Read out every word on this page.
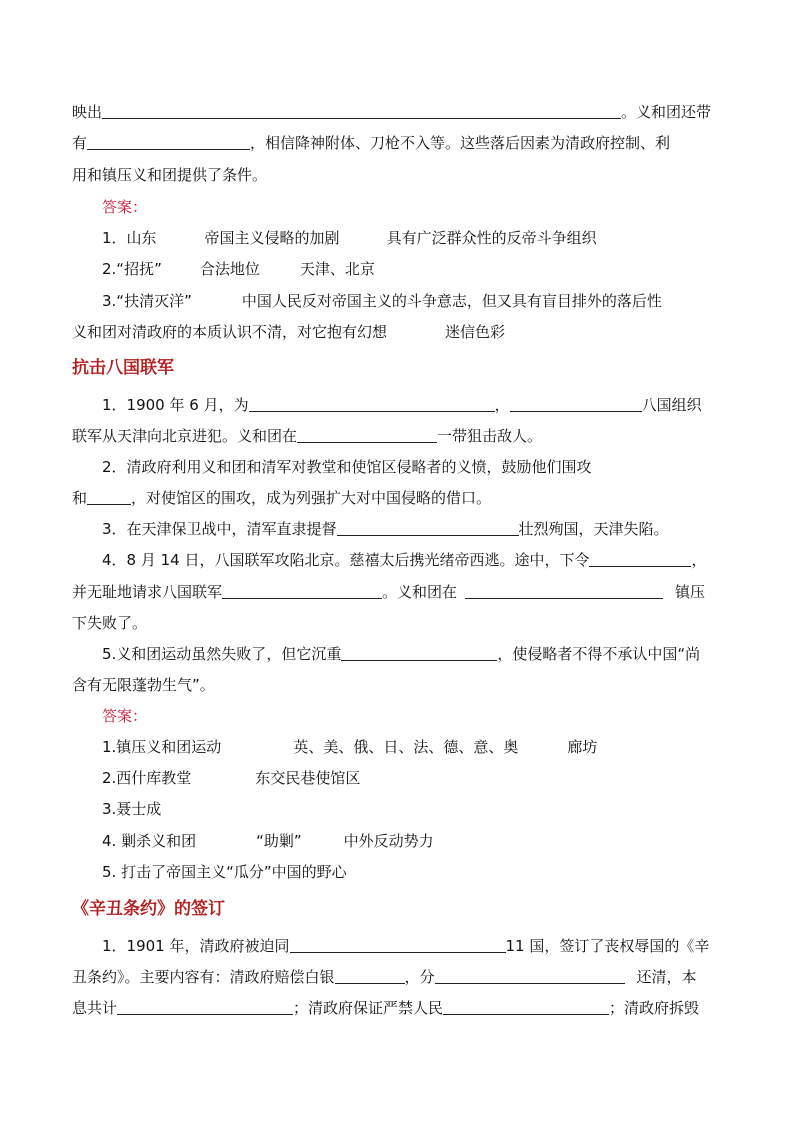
映出	。义和团还带
有	，相信降神附体、刀枪不入等。这些落后因素为清政府控制、利
用和镇压义和团提供了条件。
答案：
1．山东	帝国主义侵略的加剧	具有广泛群众性的反帝斗争组织
2.“招抚”	合法地位	天津、北京
3.“扶清灭洋”	中国人民反对帝国主义的斗争意志，但又具有盲目排外的落后性
义和团对清政府的本质认识不清，对它抱有幻想	迷信色彩
抗击八国联军
1．1900 年 6 月，为	，	八国组织
联军从天津向北京进犯。义和团在	一带狙击敌人。
2．清政府利用义和团和清军对教堂和使馆区侵略者的义愤，鼓励他们围攻
和	，对使馆区的围攻，成为列强扩大对中国侵略的借口。
3．在天津保卫战中，清军直隶提督	壮烈殉国，天津失陷。
4．8 月 14 日，八国联军攻陷北京。慈禧太后携光绪帝西逃。途中，下令	，
并无耻地请求八国联军	。义和团在	镇压
下失败了。
5.义和团运动虽然失败了，但它沉重	，使侵略者不得不承认中国“尚
含有无限蓬勃生气”。
答案：
1.镇压义和团运动	英、美、俄、日、法、德、意、奥	廊坊
2.西什库教堂	东交民巷使馆区
3.聂士成
4. 剿杀义和团	“助剿”	中外反动势力
5. 打击了帝国主义“瓜分”中国的野心
《辛丑条约》的签订
1．1901 年，清政府被迫同	11 国，签订了丧权辱国的《辛
丑条约》。主要内容有：清政府赔偿白银	，分	还清，本
息共计	；清政府保证严禁人民	；清政府拆毁
